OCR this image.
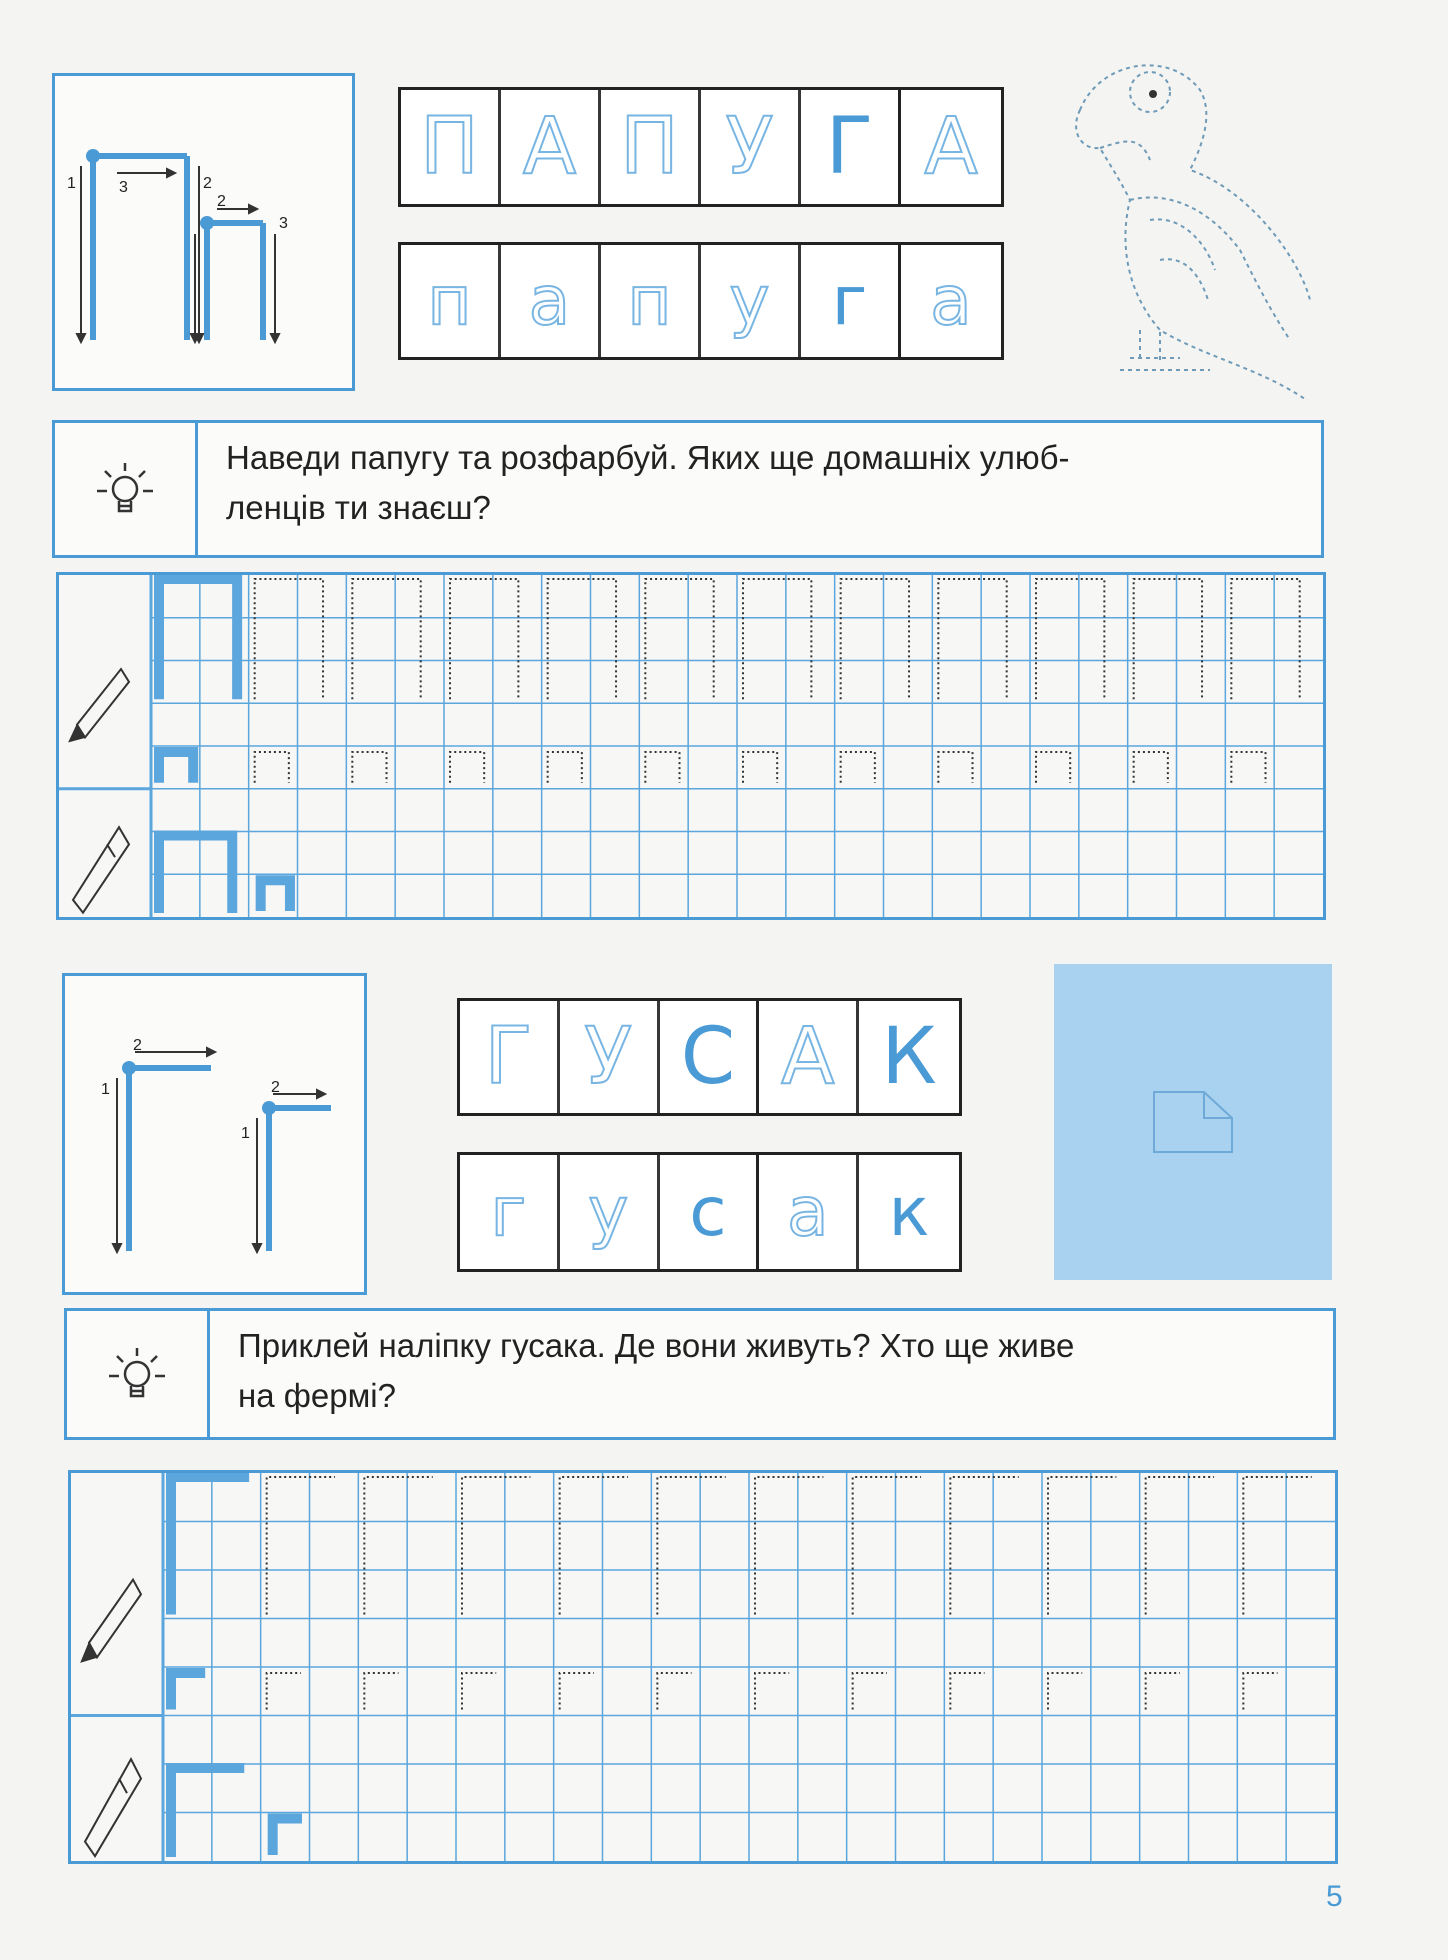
1	3	2
2
3
П А П У Г А
п а п у г а
Наведи папугу та розфарбуй. Яких ще домашніх улюб-
ленців ти знаєш?
1
2
1
2	Г У С А К
г у с а к
Приклей наліпку гусака. Де вони живуть? Хто ще живе
на фермі?
5
